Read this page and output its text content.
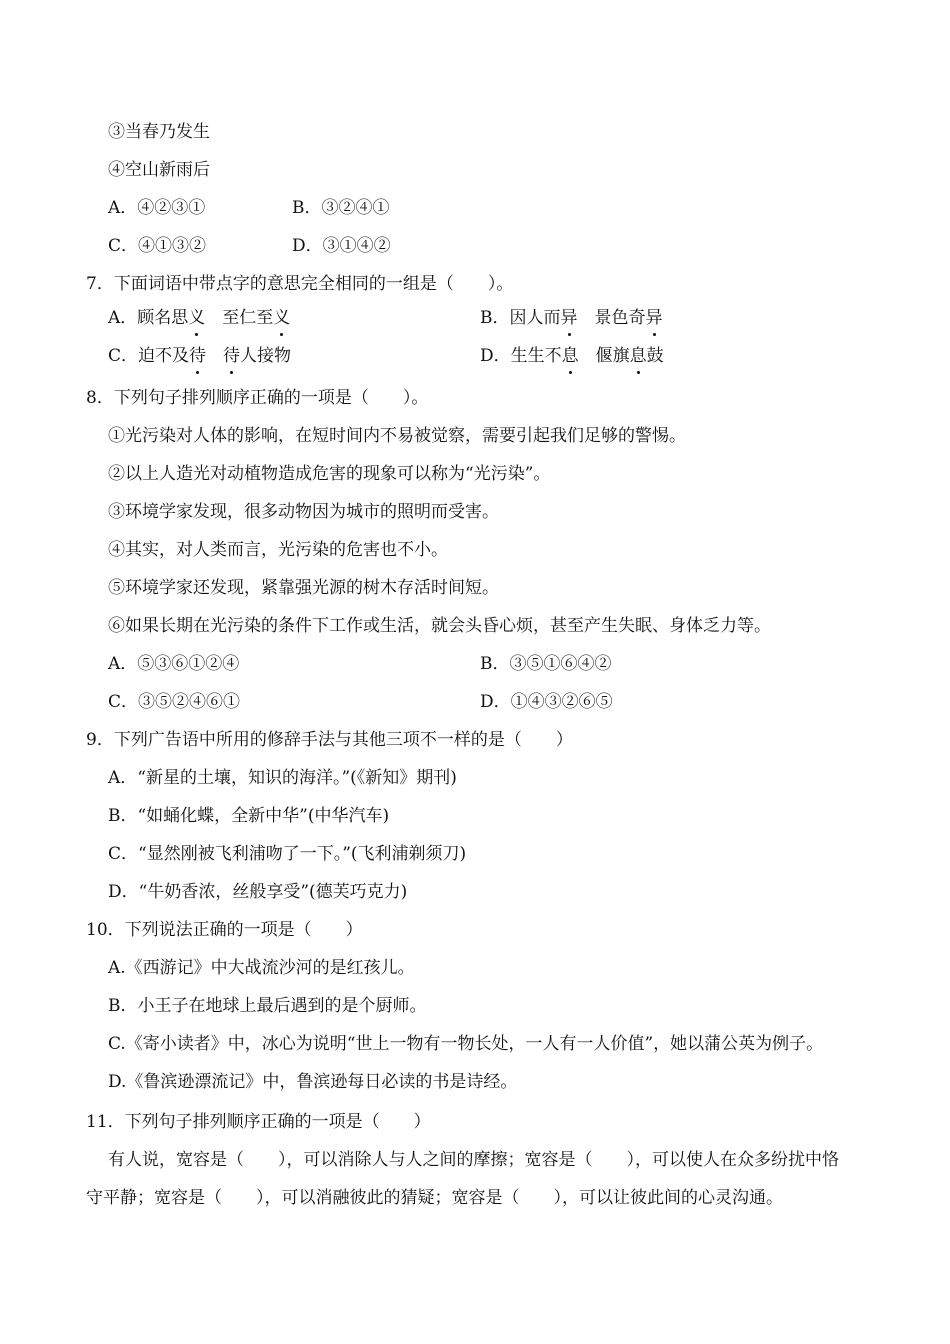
③当春乃发生
④空山新雨后
A．④②③①	B．③②④①
C．④①③②	D．③①④②
7．下面词语中带点字的意思完全相同的一组是（　　）。
A．顾名思义  至仁至义	B．因人而异  景色奇异
C．迫不及待  待人接物	D．生生不息  偃旗息鼓
8．下列句子排列顺序正确的一项是（　　）。
①光污染对人体的影响，在短时间内不易被觉察，需要引起我们足够的警惕。
②以上人造光对动植物造成危害的现象可以称为“光污染”。
③环境学家发现，很多动物因为城市的照明而受害。
④其实，对人类而言，光污染的危害也不小。
⑤环境学家还发现，紧靠强光源的树木存活时间短。
⑥如果长期在光污染的条件下工作或生活，就会头昏心烦，甚至产生失眠、身体乏力等。
A．⑤③⑥①②④	B．③⑤①⑥④②
C．③⑤②④⑥①	D．①④③②⑥⑤
9．下列广告语中所用的修辞手法与其他三项不一样的是（　　）
A．“新星的土壤，知识的海洋。”(《新知》期刊)
B．“如蛹化蝶，全新中华”(中华汽车)
C．“显然刚被飞利浦吻了一下。”(飞利浦剃须刀)
D．“牛奶香浓，丝般享受”(德芙巧克力)
10．下列说法正确的一项是（　　）
A.《西游记》中大战流沙河的是红孩儿。
B．小王子在地球上最后遇到的是个厨师。
C.《寄小读者》中，冰心为说明“世上一物有一物长处，一人有一人价值”，她以蒲公英为例子。
D.《鲁滨逊漂流记》中，鲁滨逊每日必读的书是诗经。
11．下列句子排列顺序正确的一项是（　　）
有人说，宽容是（　　），可以消除人与人之间的摩擦；宽容是（　　），可以使人在众多纷扰中恪
守平静；宽容是（　　），可以消融彼此的猜疑；宽容是（　　），可以让彼此间的心灵沟通。
